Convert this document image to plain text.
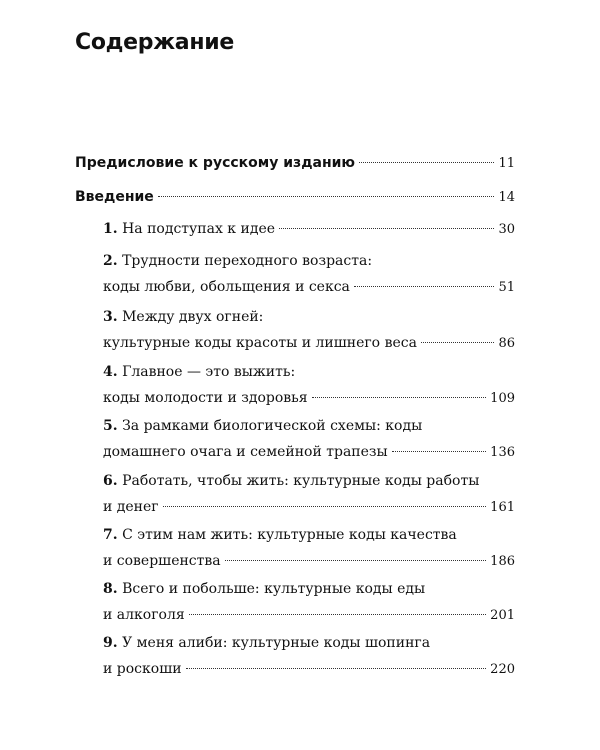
Содержание
Предисловие к русскому изданию	11
Введение	14
1. На подступах к идее	30
2. Трудности переходного возраста:
коды любви, обольщения и секса	51
3. Между двух огней:
культурные коды красоты и лишнего веса	86
4. Главное — это выжить:
коды молодости и здоровья	109
5. За рамками биологической схемы: коды
домашнего очага и семейной трапезы	136
6. Работать, чтобы жить: культурные коды работы
и денег	161
7. С этим нам жить: культурные коды качества
и совершенства	186
8. Всего и побольше: культурные коды еды
и алкоголя	201
9. У меня алиби: культурные коды шопинга
и роскоши	220
